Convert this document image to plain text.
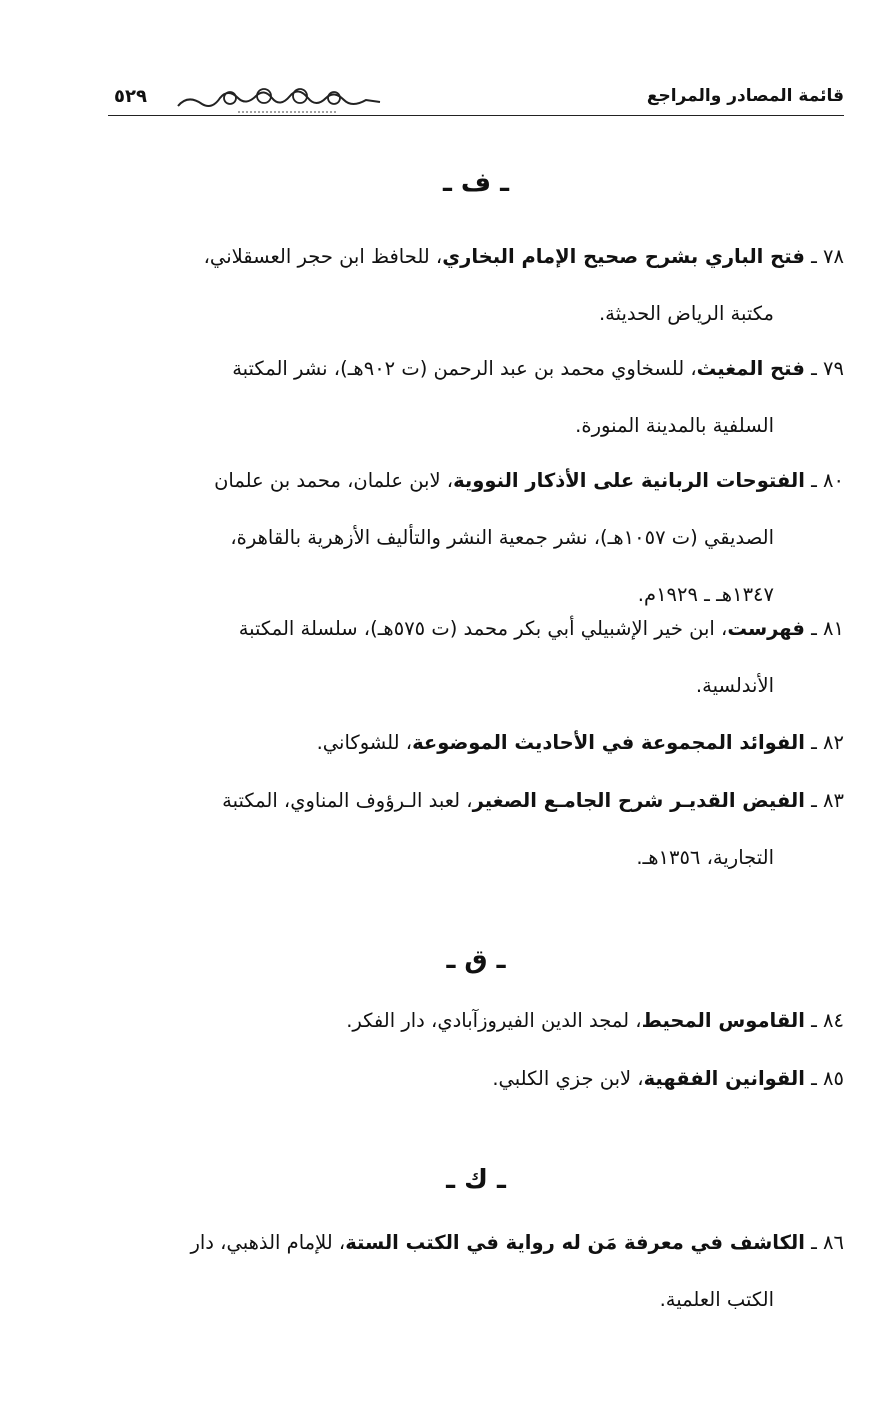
قائمة المصادر والمراجع
٥٢٩
ـ ف ـ
٧٨ ـ فتح الباري بشرح صحيح الإمام البخاري، للحافظ ابن حجر العسقلاني،
مكتبة الرياض الحديثة.
٧٩ ـ فتح المغيث، للسخاوي محمد بن عبد الرحمن (ت ٩٠٢هـ)، نشر المكتبة
السلفية بالمدينة المنورة.
٨٠ ـ الفتوحات الربانية على الأذكار النووية، لابن علمان، محمد بن علمان
الصديقي (ت ١٠٥٧هـ)، نشر جمعية النشر والتأليف الأزهرية بالقاهرة،
١٣٤٧هـ ـ ١٩٢٩م.
٨١ ـ فهرست، ابن خير الإشبيلي أبي بكر محمد (ت ٥٧٥هـ)، سلسلة المكتبة
الأندلسية.
٨٢ ـ الفوائد المجموعة في الأحاديث الموضوعة، للشوكاني.
٨٣ ـ الفيض القديـر شرح الجامـع الصغير، لعبد الـرؤوف المناوي، المكتبة
التجارية، ١٣٥٦هـ.
ـ ق ـ
٨٤ ـ القاموس المحيط، لمجد الدين الفيروزآبادي، دار الفكر.
٨٥ ـ القوانين الفقهية، لابن جزي الكلبي.
ـ ك ـ
٨٦ ـ الكاشف في معرفة مَن له رواية في الكتب الستة، للإمام الذهبي، دار
الكتب العلمية.
